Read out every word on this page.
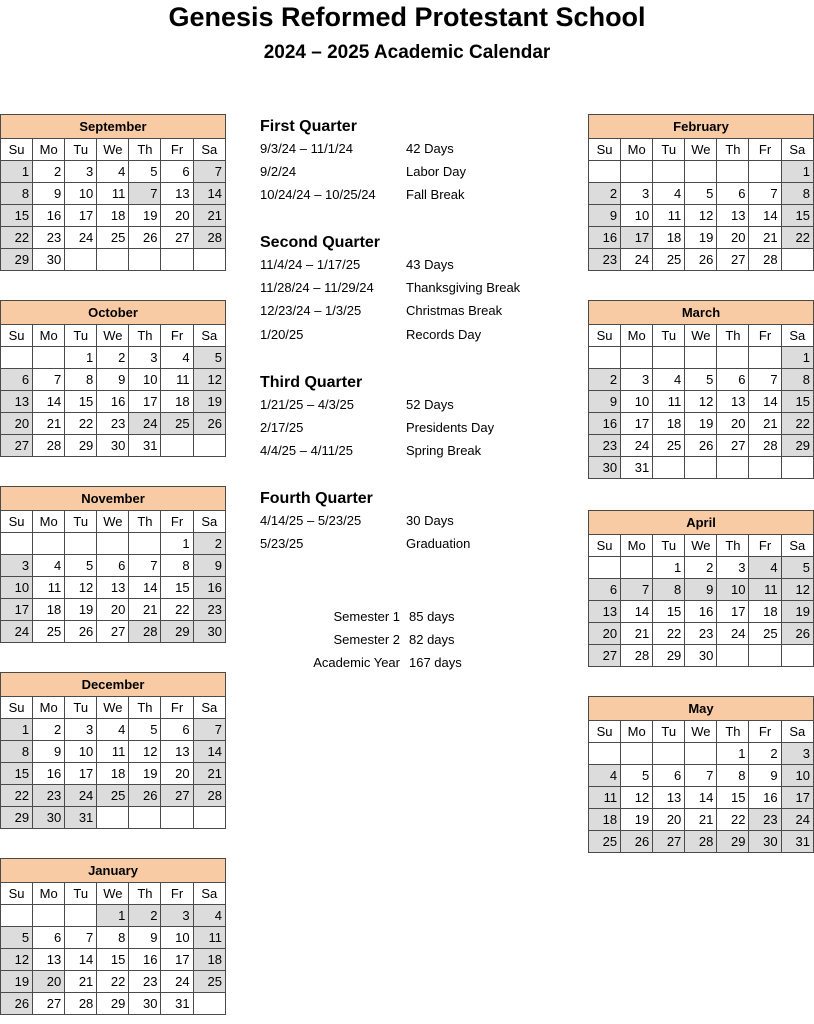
Genesis Reformed Protestant School
2024 – 2025 Academic Calendar
September						
Su	Mo	Tu	We	Th	Fr	Sa
1	2	3	4	5	6	7
8	9	10	11	7	13	14
15	16	17	18	19	20	21
22	23	24	25	26	27	28
29	30					
October						
Su	Mo	Tu	We	Th	Fr	Sa
		1	2	3	4	5
6	7	8	9	10	11	12
13	14	15	16	17	18	19
20	21	22	23	24	25	26
27	28	29	30	31		
November						
Su	Mo	Tu	We	Th	Fr	Sa
					1	2
3	4	5	6	7	8	9
10	11	12	13	14	15	16
17	18	19	20	21	22	23
24	25	26	27	28	29	30
December						
Su	Mo	Tu	We	Th	Fr	Sa
1	2	3	4	5	6	7
8	9	10	11	12	13	14
15	16	17	18	19	20	21
22	23	24	25	26	27	28
29	30	31				
January						
Su	Mo	Tu	We	Th	Fr	Sa
			1	2	3	4
5	6	7	8	9	10	11
12	13	14	15	16	17	18
19	20	21	22	23	24	25
26	27	28	29	30	31	
February						
Su	Mo	Tu	We	Th	Fr	Sa
						1
2	3	4	5	6	7	8
9	10	11	12	13	14	15
16	17	18	19	20	21	22
23	24	25	26	27	28	
March						
Su	Mo	Tu	We	Th	Fr	Sa
						1
2	3	4	5	6	7	8
9	10	11	12	13	14	15
16	17	18	19	20	21	22
23	24	25	26	27	28	29
30	31					
April						
Su	Mo	Tu	We	Th	Fr	Sa
		1	2	3	4	5
6	7	8	9	10	11	12
13	14	15	16	17	18	19
20	21	22	23	24	25	26
27	28	29	30			
May						
Su	Mo	Tu	We	Th	Fr	Sa
				1	2	3
4	5	6	7	8	9	10
11	12	13	14	15	16	17
18	19	20	21	22	23	24
25	26	27	28	29	30	31
First Quarter
9/3/24 – 11/1/24	42 Days
9/2/24	Labor Day
10/24/24 – 10/25/24 Fall Break
Second Quarter
11/4/24 – 1/17/25	43 Days
11/28/24 – 11/29/24 Thanksgiving Break
12/23/24 – 1/3/25	Christmas Break
1/20/25	Records Day
Third Quarter
1/21/25 – 4/3/25	52 Days
2/17/25	Presidents Day
4/4/25 – 4/11/25	Spring Break
Fourth Quarter
4/14/25 – 5/23/25	30 Days
5/23/25	Graduation
Semester 1 85 days
Semester 2 82 days
Academic Year 167 days
